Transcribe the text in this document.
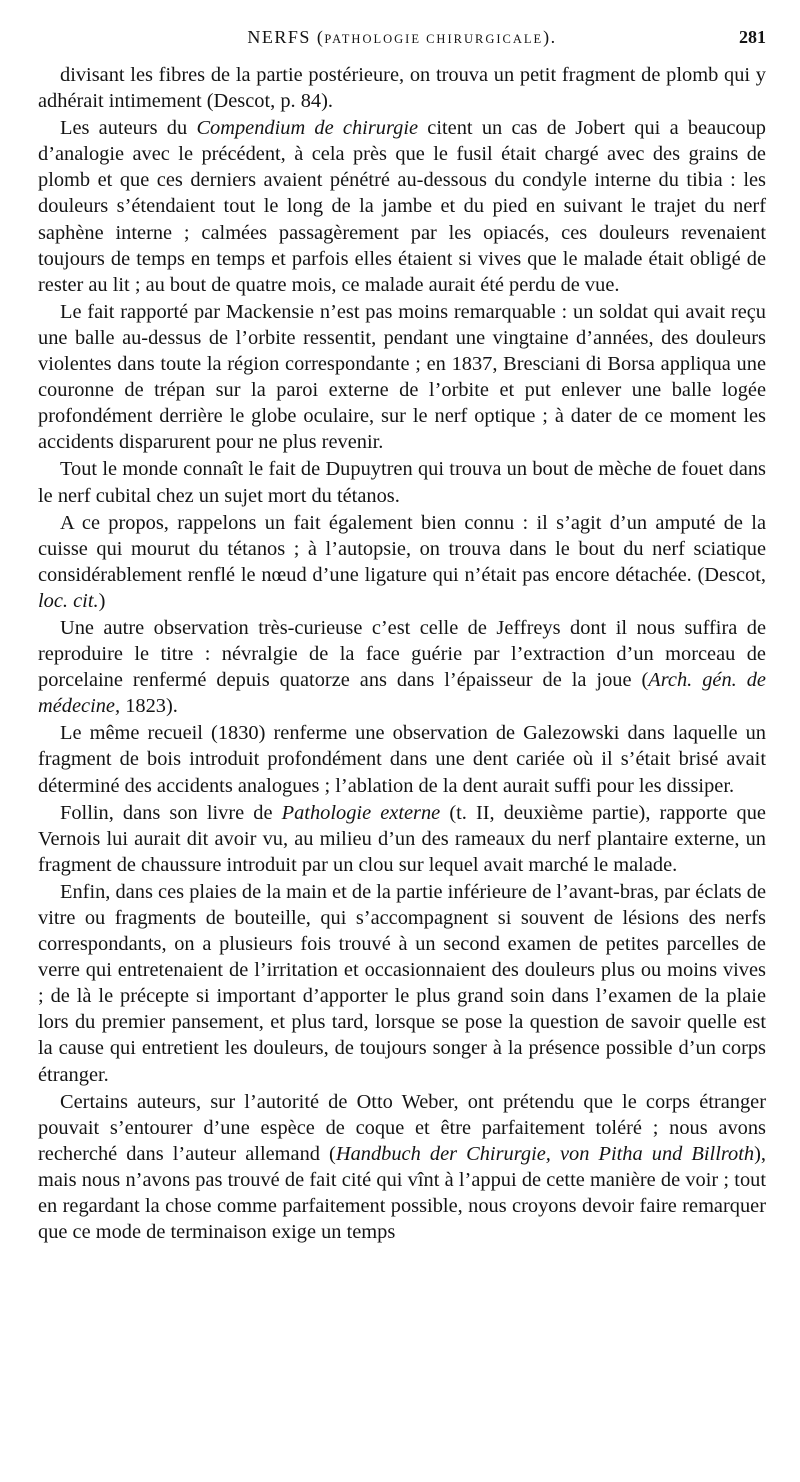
NERFS (PATHOLOGIE CHIRURGICALE).	281

divisant les fibres de la partie postérieure, on trouva un petit fragment de plomb qui y adhérait intimement (Descot, p. 84).

Les auteurs du Compendium de chirurgie citent un cas de Jobert qui a beaucoup d’analogie avec le précédent, à cela près que le fusil était chargé avec des grains de plomb et que ces derniers avaient pénétré au-dessous du condyle interne du tibia : les douleurs s’étendaient tout le long de la jambe et du pied en suivant le trajet du nerf saphène interne ; calmées passagèrement par les opiacés, ces douleurs revenaient toujours de temps en temps et parfois elles étaient si vives que le malade était obligé de rester au lit ; au bout de quatre mois, ce malade aurait été perdu de vue.

Le fait rapporté par Mackensie n’est pas moins remarquable : un soldat qui avait reçu une balle au-dessus de l’orbite ressentit, pendant une vingtaine d’années, des douleurs violentes dans toute la région correspondante ; en 1837, Bresciani di Borsa appliqua une couronne de trépan sur la paroi externe de l’orbite et put enlever une balle logée profondément derrière le globe oculaire, sur le nerf optique ; à dater de ce moment les accidents disparurent pour ne plus revenir.

Tout le monde connaît le fait de Dupuytren qui trouva un bout de mèche de fouet dans le nerf cubital chez un sujet mort du tétanos.

A ce propos, rappelons un fait également bien connu : il s’agit d’un amputé de la cuisse qui mourut du tétanos ; à l’autopsie, on trouva dans le bout du nerf sciatique considérablement renflé le nœud d’une ligature qui n’était pas encore détachée. (Descot, loc. cit.)

Une autre observation très-curieuse c’est celle de Jeffreys dont il nous suffira de reproduire le titre : névralgie de la face guérie par l’extraction d’un morceau de porcelaine renfermé depuis quatorze ans dans l’épaisseur de la joue (Arch. gén. de médecine, 1823).

Le même recueil (1830) renferme une observation de Galezowski dans laquelle un fragment de bois introduit profondément dans une dent cariée où il s’était brisé avait déterminé des accidents analogues ; l’ablation de la dent aurait suffi pour les dissiper.

Follin, dans son livre de Pathologie externe (t. II, deuxième partie), rapporte que Vernois lui aurait dit avoir vu, au milieu d’un des rameaux du nerf plantaire externe, un fragment de chaussure introduit par un clou sur lequel avait marché le malade.

Enfin, dans ces plaies de la main et de la partie inférieure de l’avant-bras, par éclats de vitre ou fragments de bouteille, qui s’accompagnent si souvent de lésions des nerfs correspondants, on a plusieurs fois trouvé à un second examen de petites parcelles de verre qui entretenaient de l’irritation et occasionnaient des douleurs plus ou moins vives ; de là le précepte si important d’apporter le plus grand soin dans l’examen de la plaie lors du premier pansement, et plus tard, lorsque se pose la question de savoir quelle est la cause qui entretient les douleurs, de toujours songer à la présence possible d’un corps étranger.

Certains auteurs, sur l’autorité de Otto Weber, ont prétendu que le corps étranger pouvait s’entourer d’une espèce de coque et être parfaitement toléré ; nous avons recherché dans l’auteur allemand (Handbuch der Chirurgie, von Pitha und Billroth), mais nous n’avons pas trouvé de fait cité qui vînt à l’appui de cette manière de voir ; tout en regardant la chose comme parfaitement possible, nous croyons devoir faire remarquer que ce mode de terminaison exige un temps
